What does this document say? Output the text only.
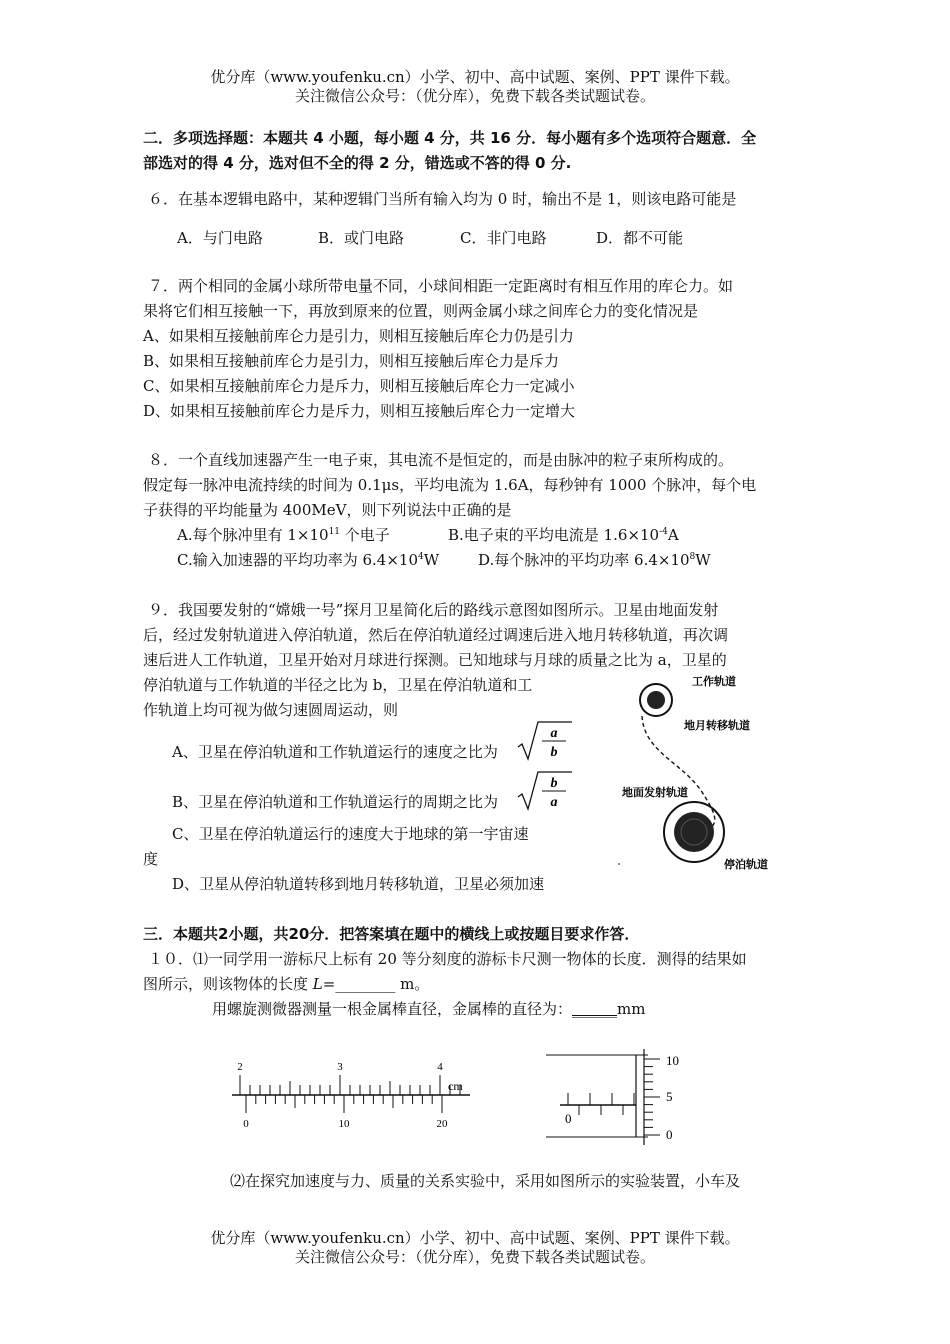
优分库（www.youfenku.cn）小学、初中、高中试题、案例、PPT 课件下载。
关注微信公众号：（优分库），免费下载各类试题试卷。
二．多项选择题：本题共 4 小题，每小题 4 分，共 16 分．每小题有多个选项符合题意．全
部选对的得 4 分，选对但不全的得 2 分，错选或不答的得 0 分.
６．在基本逻辑电路中，某种逻辑门当所有输入均为 0 时，输出不是 1，则该电路可能是
A．与门电路	B．或门电路	C．非门电路	D．都不可能
７．两个相同的金属小球所带电量不同，小球间相距一定距离时有相互作用的库仑力。如
果将它们相互接触一下，再放到原来的位置，则两金属小球之间库仑力的变化情况是
A、如果相互接触前库仑力是引力，则相互接触后库仑力仍是引力
B、如果相互接触前库仑力是引力，则相互接触后库仑力是斥力
C、如果相互接触前库仑力是斥力，则相互接触后库仑力一定减小
D、如果相互接触前库仑力是斥力，则相互接触后库仑力一定增大
８．一个直线加速器产生一电子束，其电流不是恒定的，而是由脉冲的粒子束所构成的。
假定每一脉冲电流持续的时间为 0.1μs，平均电流为 1.6A，每秒钟有 1000 个脉冲，每个电
子获得的平均能量为 400MeV，则下列说法中正确的是
A.每个脉冲里有 $1\times 10^{11}$ 个电子	B.电子束的平均电流是 $1.6\times 10^{-4}A$
C.输入加速器的平均功率为 $6.4\times 10^4W$	D.每个脉冲的平均功率 $6.4\times 10^8W$
９．我国要发射的“嫦娥一号”探月卫星简化后的路线示意图如图所示。卫星由地面发射
后，经过发射轨道进入停泊轨道，然后在停泊轨道经过调速后进入地月转移轨道，再次调
速后进人工作轨道，卫星开始对月球进行探测。已知地球与月球的质量之比为 a，卫星的
停泊轨道与工作轨道的半径之比为 b，卫星在停泊轨道和工
作轨道上均可视为做匀速圆周运动，则
A、卫星在停泊轨道和工作轨道运行的速度之比为
a
b
B、卫星在停泊轨道和工作轨道运行的周期之比为
b
a
C、卫星在停泊轨道运行的速度大于地球的第一宇宙速
度
D、卫星从停泊轨道转移到地月转移轨道，卫星必须加速
工作轨道
地月转移轨道
地面发射轨道
停泊轨道
三．本题共2小题，共20分．把答案填在题中的横线上或按题目要求作答．
１０．⑴一同学用一游标尺上标有 20 等分刻度的游标卡尺测一物体的长度．测得的结果如
图所示，则该物体的长度 L=________ m。
用螺旋测微器测量一根金属棒直径，金属棒的直径为：______mm
2	3	4
0	10	20
cm
0
10
5
0
⑵在探究加速度与力、质量的关系实验中，采用如图所示的实验装置，小车及
优分库（www.youfenku.cn）小学、初中、高中试题、案例、PPT 课件下载。
关注微信公众号：（优分库），免费下载各类试题试卷。
